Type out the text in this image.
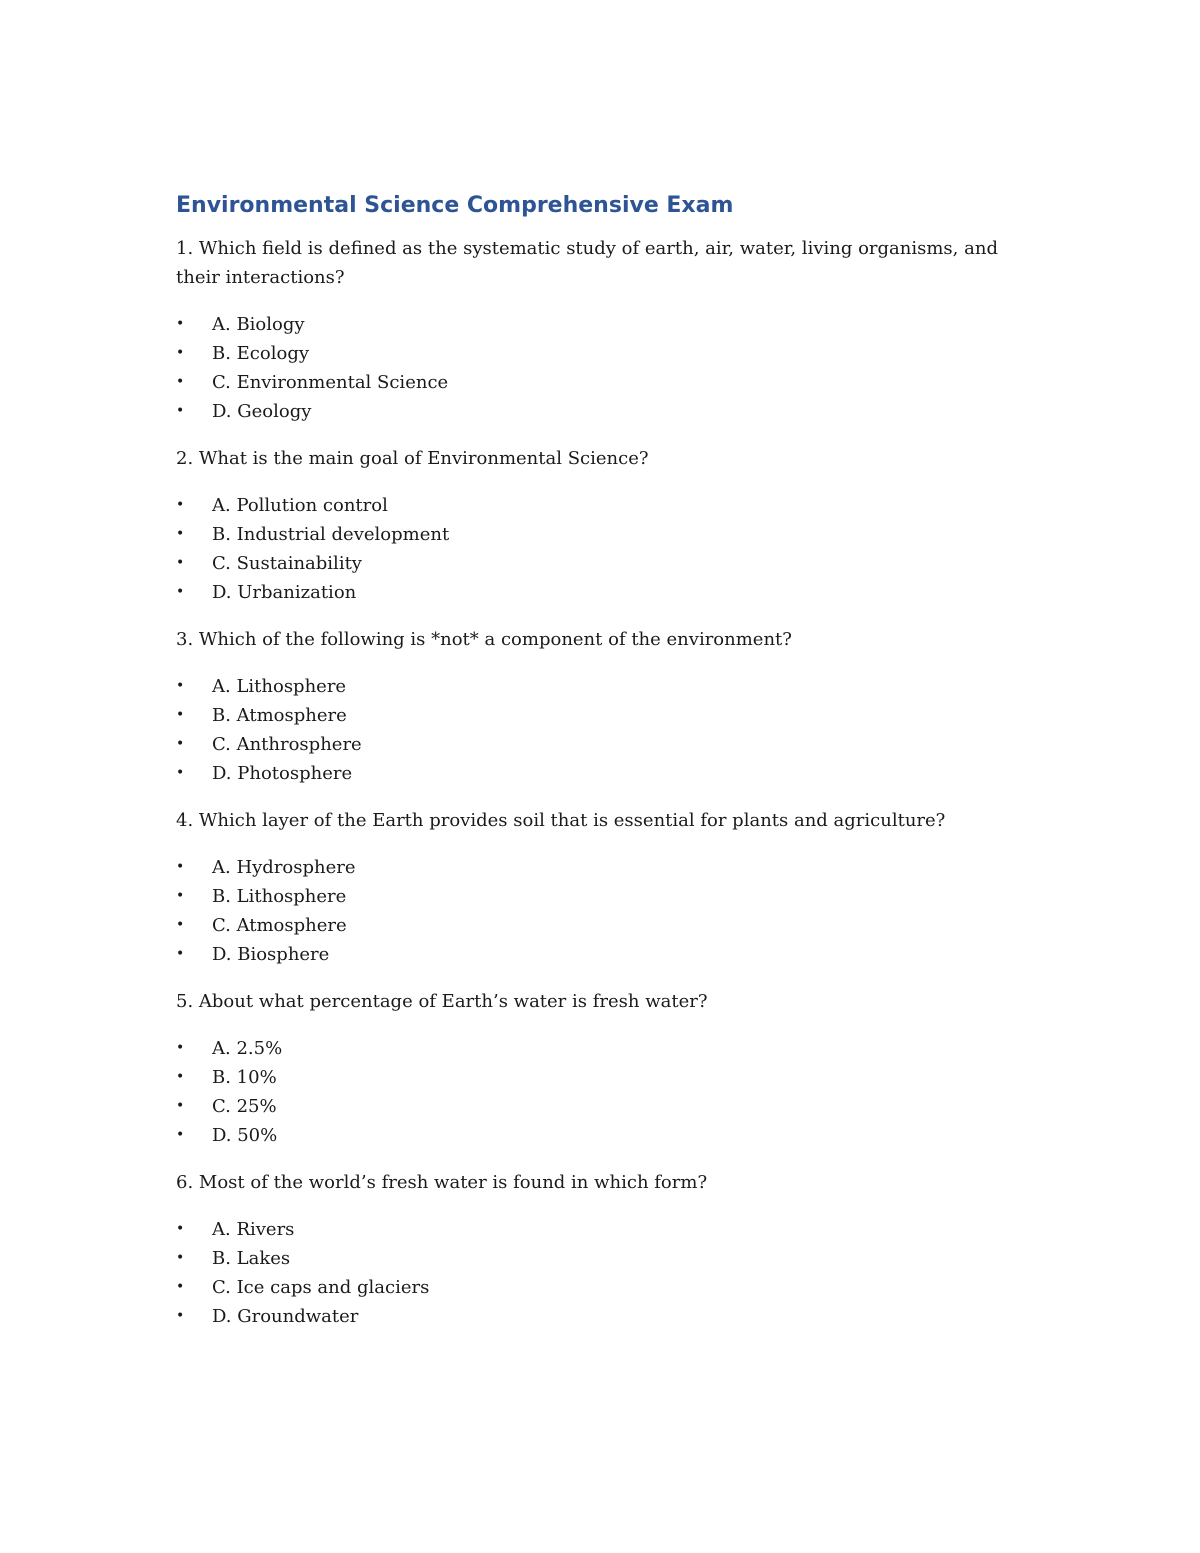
Environmental Science Comprehensive Exam

1. Which field is defined as the systematic study of earth, air, water, living organisms, and their interactions?

• A. Biology
• B. Ecology
• C. Environmental Science
• D. Geology

2. What is the main goal of Environmental Science?

• A. Pollution control
• B. Industrial development
• C. Sustainability
• D. Urbanization

3. Which of the following is *not* a component of the environment?

• A. Lithosphere
• B. Atmosphere
• C. Anthrosphere
• D. Photosphere

4. Which layer of the Earth provides soil that is essential for plants and agriculture?

• A. Hydrosphere
• B. Lithosphere
• C. Atmosphere
• D. Biosphere

5. About what percentage of Earth’s water is fresh water?

• A. 2.5%
• B. 10%
• C. 25%
• D. 50%

6. Most of the world’s fresh water is found in which form?

• A. Rivers
• B. Lakes
• C. Ice caps and glaciers
• D. Groundwater
